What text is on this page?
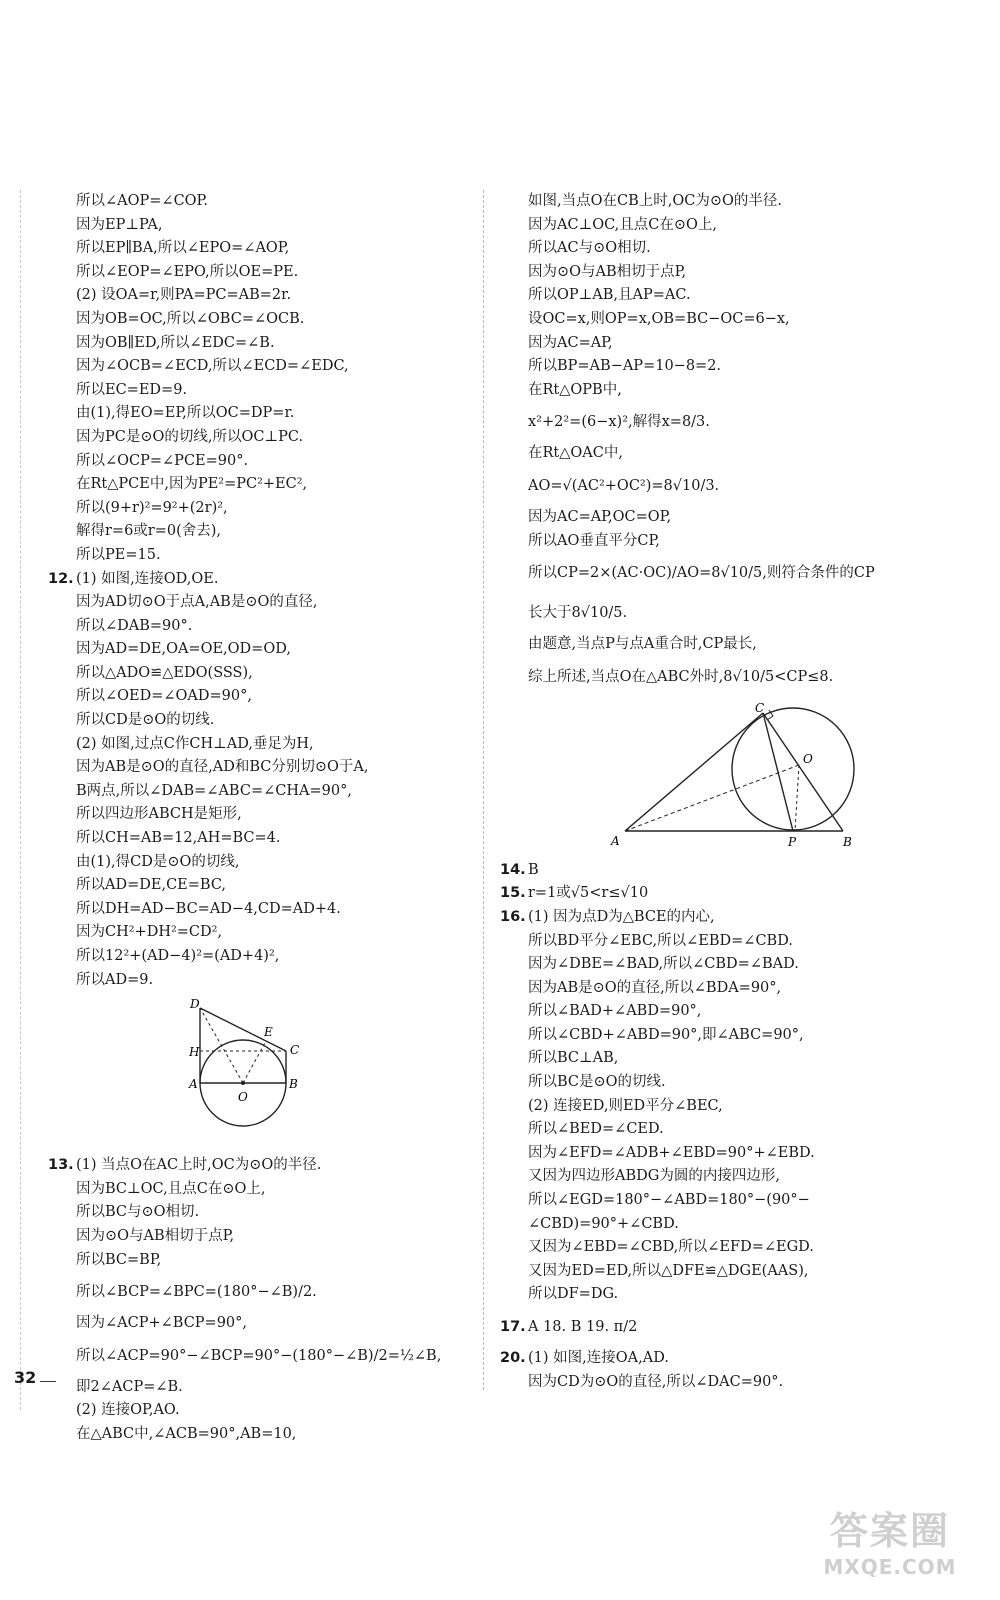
所以∠AOP=∠COP.
因为EP⊥PA,
所以EP∥BA,所以∠EPO=∠AOP,
所以∠EOP=∠EPO,所以OE=PE.
(2) 设OA=r,则PA=PC=AB=2r.
因为OB=OC,所以∠OBC=∠OCB.
因为OB∥ED,所以∠EDC=∠B.
因为∠OCB=∠ECD,所以∠ECD=∠EDC,
所以EC=ED=9.
由(1),得EO=EP,所以OC=DP=r.
因为PC是⊙O的切线,所以OC⊥PC.
所以∠OCP=∠PCE=90°.
在Rt△PCE中,因为PE²=PC²+EC²,
所以(9+r)²=9²+(2r)²,
解得r=6或r=0(舍去),
所以PE=15.
12. (1) 如图,连接OD,OE.
因为AD切⊙O于点A,AB是⊙O的直径,
所以∠DAB=90°.
因为AD=DE,OA=OE,OD=OD,
所以△ADO≌△EDO(SSS),
所以∠OED=∠OAD=90°,
所以CD是⊙O的切线.
(2) 如图,过点C作CH⊥AD,垂足为H,
因为AB是⊙O的直径,AD和BC分别切⊙O于A,
B两点,所以∠DAB=∠ABC=∠CHA=90°,
所以四边形ABCH是矩形,
所以CH=AB=12,AH=BC=4.
由(1),得CD是⊙O的切线,
所以AD=DE,CE=BC,
所以DH=AD−BC=AD−4,CD=AD+4.
因为CH²+DH²=CD²,
所以12²+(AD−4)²=(AD+4)²,
所以AD=9.
D
E
C
H
A	B
O
13. (1) 当点O在AC上时,OC为⊙O的半径.
因为BC⊥OC,且点C在⊙O上,
所以BC与⊙O相切.
因为⊙O与AB相切于点P,
所以BC=BP,
所以∠BCP=∠BPC=(180°−∠B)/2.
因为∠ACP+∠BCP=90°,
所以∠ACP=90°−∠BCP=90°−(180°−∠B)/2=½∠B,
即2∠ACP=∠B.
(2) 连接OP,AO.
在△ABC中,∠ACB=90°,AB=10,
如图,当点O在CB上时,OC为⊙O的半径.
因为AC⊥OC,且点C在⊙O上,
所以AC与⊙O相切.
因为⊙O与AB相切于点P,
所以OP⊥AB,且AP=AC.
设OC=x,则OP=x,OB=BC−OC=6−x,
因为AC=AP,
所以BP=AB−AP=10−8=2.
在Rt△OPB中,
x²+2²=(6−x)²,解得x=8/3.
在Rt△OAC中,
AO=√(AC²+OC²)=8√10/3.
因为AC=AP,OC=OP,
所以AO垂直平分CP,
所以CP=2×(AC·OC)/AO=8√10/5,则符合条件的CP
长大于8√10/5.
由题意,当点P与点A重合时,CP最长,
综上所述,当点O在△ABC外时,8√10/5<CP≤8.
C
O
A	P	B
14. B
15. r=1或√5<r≤√10
16. (1) 因为点D为△BCE的内心,
所以BD平分∠EBC,所以∠EBD=∠CBD.
因为∠DBE=∠BAD,所以∠CBD=∠BAD.
因为AB是⊙O的直径,所以∠BDA=90°,
所以∠BAD+∠ABD=90°,
所以∠CBD+∠ABD=90°,即∠ABC=90°,
所以BC⊥AB,
所以BC是⊙O的切线.
(2) 连接ED,则ED平分∠BEC,
所以∠BED=∠CED.
因为∠EFD=∠ADB+∠EBD=90°+∠EBD.
又因为四边形ABDG为圆的内接四边形,
所以∠EGD=180°−∠ABD=180°−(90°−
∠CBD)=90°+∠CBD.
又因为∠EBD=∠CBD,所以∠EFD=∠EGD.
又因为ED=ED,所以△DFE≌△DGE(AAS),
所以DF=DG.
17. A 18. B 19. π/2
20. (1) 如图,连接OA,AD.
因为CD为⊙O的直径,所以∠DAC=90°.
32
答案圈
MXQE.COM
